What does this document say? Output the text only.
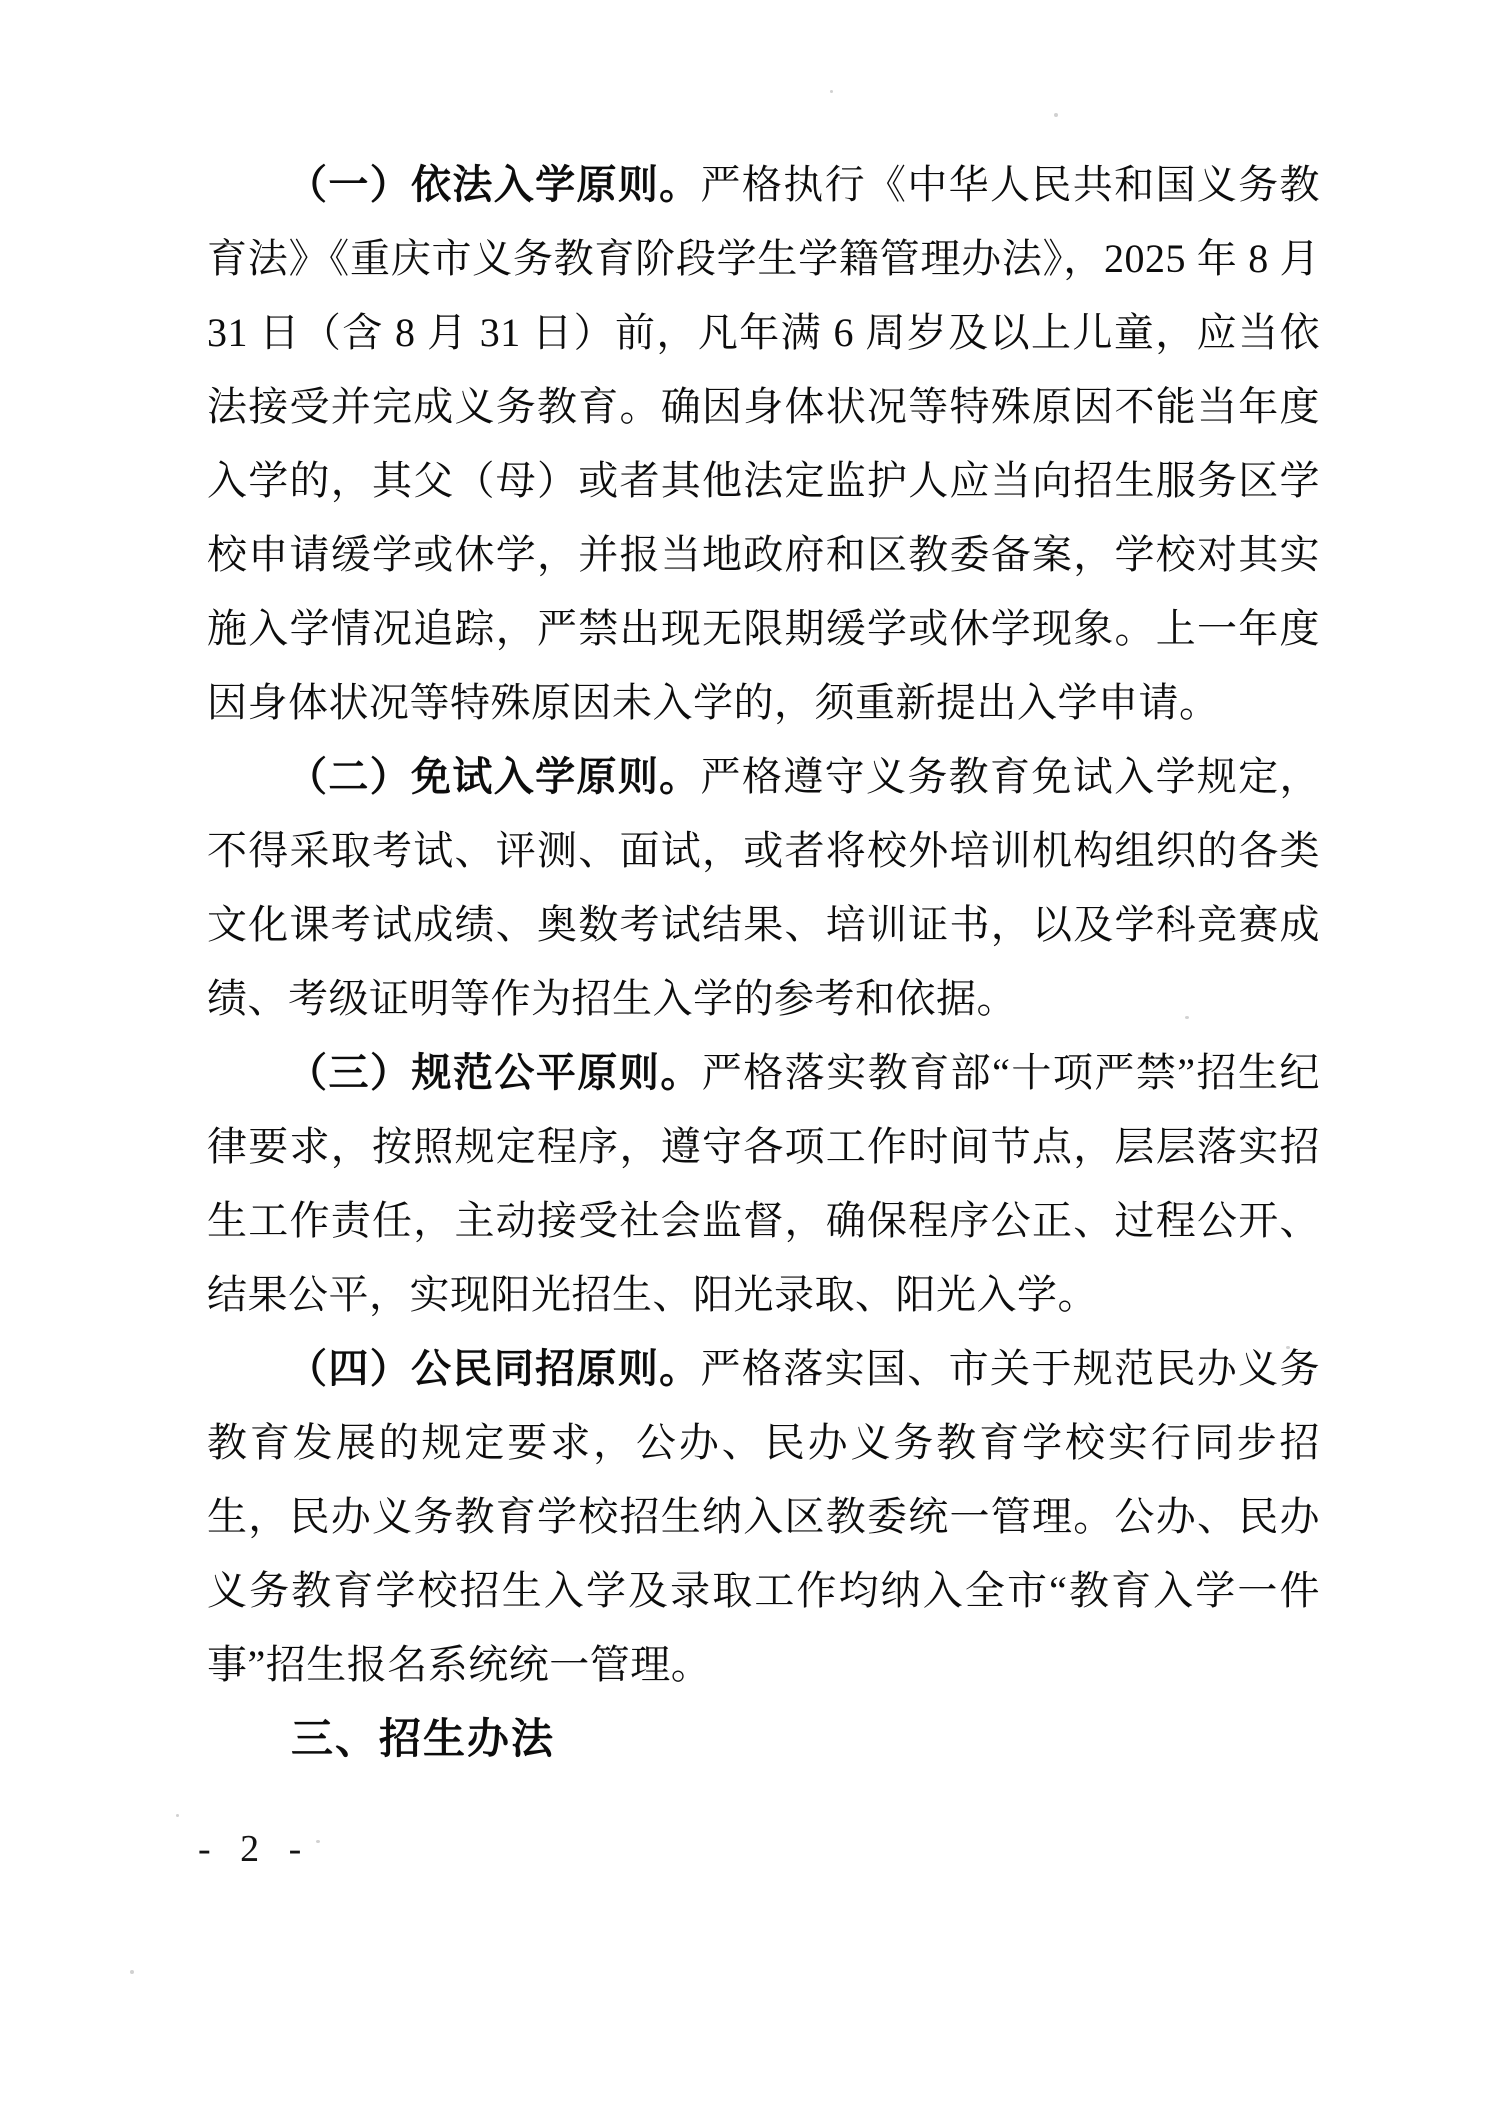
（一）依法入学原则。严格执行《中华人民共和国义务教育法》《重庆市义务教育阶段学生学籍管理办法》，2025 年 8 月 31 日（含 8 月 31 日）前，凡年满 6 周岁及以上儿童，应当依法接受并完成义务教育。确因身体状况等特殊原因不能当年度入学的，其父（母）或者其他法定监护人应当向招生服务区学校申请缓学或休学，并报当地政府和区教委备案，学校对其实施入学情况追踪，严禁出现无限期缓学或休学现象。上一年度因身体状况等特殊原因未入学的，须重新提出入学申请。

（二）免试入学原则。严格遵守义务教育免试入学规定，不得采取考试、评测、面试，或者将校外培训机构组织的各类文化课考试成绩、奥数考试结果、培训证书，以及学科竞赛成绩、考级证明等作为招生入学的参考和依据。

（三）规范公平原则。严格落实教育部“十项严禁”招生纪律要求，按照规定程序，遵守各项工作时间节点，层层落实招生工作责任，主动接受社会监督，确保程序公正、过程公开、结果公平，实现阳光招生、阳光录取、阳光入学。

（四）公民同招原则。严格落实国、市关于规范民办义务教育发展的规定要求，公办、民办义务教育学校实行同步招生，民办义务教育学校招生纳入区教委统一管理。公办、民办义务教育学校招生入学及录取工作均纳入全市“教育入学一件事”招生报名系统统一管理。

三、招生办法
- 2 -
